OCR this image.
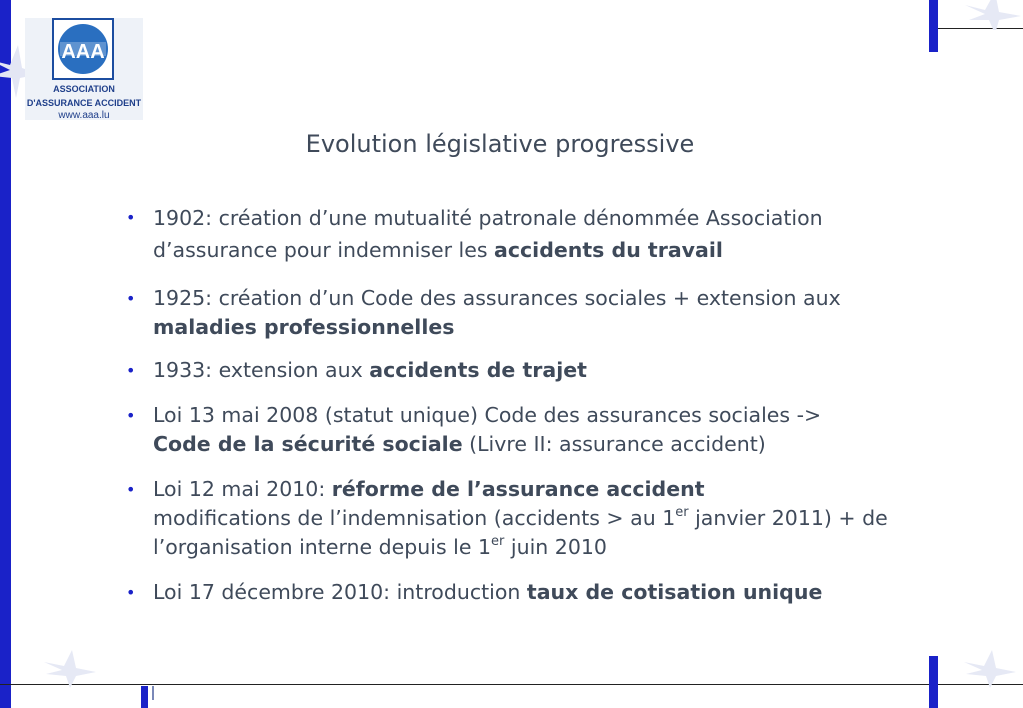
AAA
ASSOCIATION
D'ASSURANCE ACCIDENT
www.aaa.lu
Evolution législative progressive
• 1902: création d’une mutualité patronale dénommée Association d’assurance pour indemniser les accidents du travail
• 1925: création d’un Code des assurances sociales + extension aux maladies professionnelles
• 1933: extension aux accidents de trajet
• Loi 13 mai 2008 (statut unique) Code des assurances sociales ->
Code de la sécurité sociale (Livre II: assurance accident)
• Loi 12 mai 2010: réforme de l’assurance accident
modifications de l’indemnisation (accidents > au 1er janvier 2011) + de l’organisation interne depuis le 1er juin 2010
• Loi 17 décembre 2010: introduction taux de cotisation unique
